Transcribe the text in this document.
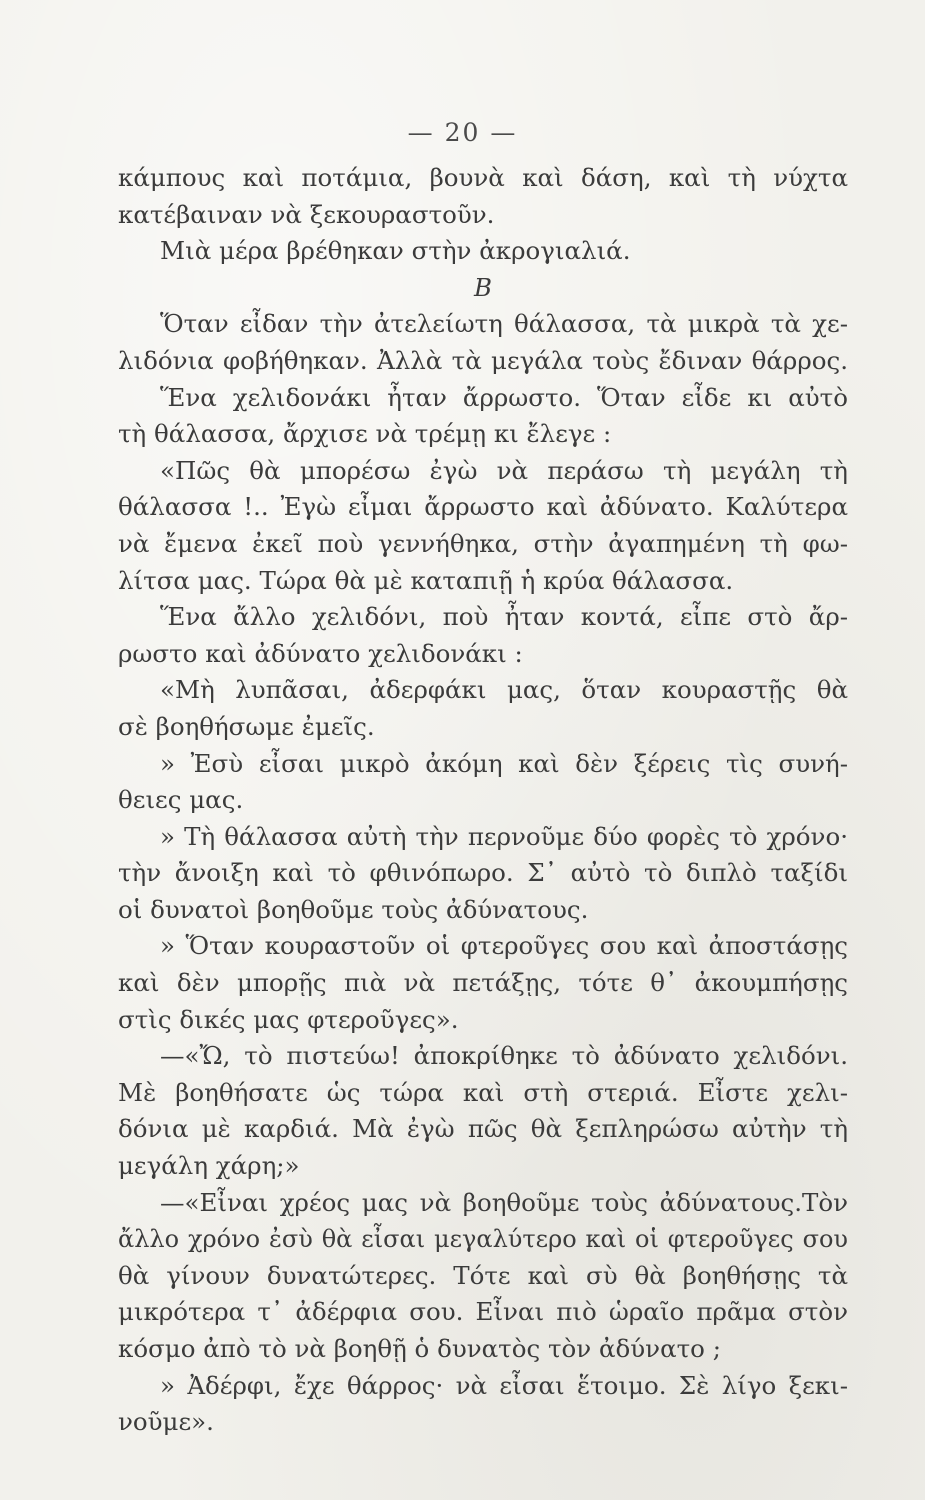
— 20 —
κάμπους καὶ ποτάμια, βουνὰ καὶ δάση, καὶ τὴ νύχτα
κατέβαιναν νὰ ξεκουραστοῦν.
Μιὰ μέρα βρέθηκαν στὴν ἀκρογιαλιά.
B
Ὅταν εἶδαν τὴν ἀτελείωτη θάλασσα, τὰ μικρὰ τὰ χε-
λιδόνια φοβήθηκαν. Ἀλλὰ τὰ μεγάλα τοὺς ἔδιναν θάρρος.
Ἕνα χελιδονάκι ἦταν ἄρρωστο. Ὅταν εἶδε κι αὐτὸ
τὴ θάλασσα, ἄρχισε νὰ τρέμῃ κι ἔλεγε :
«Πῶς θὰ μπορέσω ἐγὼ νὰ περάσω τὴ μεγάλη τὴ
θάλασσα !.. Ἐγὼ εἶμαι ἄρρωστο καὶ ἀδύνατο. Καλύτερα
νὰ ἔμενα ἐκεῖ ποὺ γεννήθηκα, στὴν ἀγαπημένη τὴ φω-
λίτσα μας. Τώρα θὰ μὲ καταπιῇ ἡ κρύα θάλασσα.
Ἕνα ἄλλο χελιδόνι, ποὺ ἦταν κοντά, εἶπε στὸ ἄρ-
ρωστο καὶ ἀδύνατο χελιδονάκι :
«Μὴ λυπᾶσαι, ἀδερφάκι μας, ὅταν κουραστῇς θὰ
σὲ βοηθήσωμε ἐμεῖς.
» Ἐσὺ εἶσαι μικρὸ ἀκόμη καὶ δὲν ξέρεις τὶς συνή-
θειες μας.
» Τὴ θάλασσα αὐτὴ τὴν περνοῦμε δύο φορὲς τὸ χρόνο·
τὴν ἄνοιξη καὶ τὸ φθινόπωρο. Σ᾽ αὐτὸ τὸ διπλὸ ταξίδι
οἱ δυνατοὶ βοηθοῦμε τοὺς ἀδύνατους.
» Ὅταν κουραστοῦν οἱ φτεροῦγες σου καὶ ἀποστάσῃς
καὶ δὲν μπορῇς πιὰ νὰ πετάξῃς, τότε θ᾽ ἀκουμπήσῃς
στὶς δικές μας φτεροῦγες».
—«Ὤ, τὸ πιστεύω! ἀποκρίθηκε τὸ ἀδύνατο χελιδόνι.
Μὲ βοηθήσατε ὡς τώρα καὶ στὴ στεριά. Εἶστε χελι-
δόνια μὲ καρδιά. Μὰ ἐγὼ πῶς θὰ ξεπληρώσω αὐτὴν τὴ
μεγάλη χάρη;»
—«Εἶναι χρέος μας νὰ βοηθοῦμε τοὺς ἀδύνατους.Τὸν
ἄλλο χρόνο ἐσὺ θὰ εἶσαι μεγαλύτερο καὶ οἱ φτεροῦγες σου
θὰ γίνουν δυνατώτερες. Τότε καὶ σὺ θὰ βοηθήσῃς τὰ
μικρότερα τ᾽ ἀδέρφια σου. Εἶναι πιὸ ὡραῖο πρᾶμα στὸν
κόσμο ἀπὸ τὸ νὰ βοηθῇ ὁ δυνατὸς τὸν ἀδύνατο ;
» Ἀδέρφι, ἔχε θάρρος· νὰ εἶσαι ἕτοιμο. Σὲ λίγο ξεκι-
νοῦμε».
